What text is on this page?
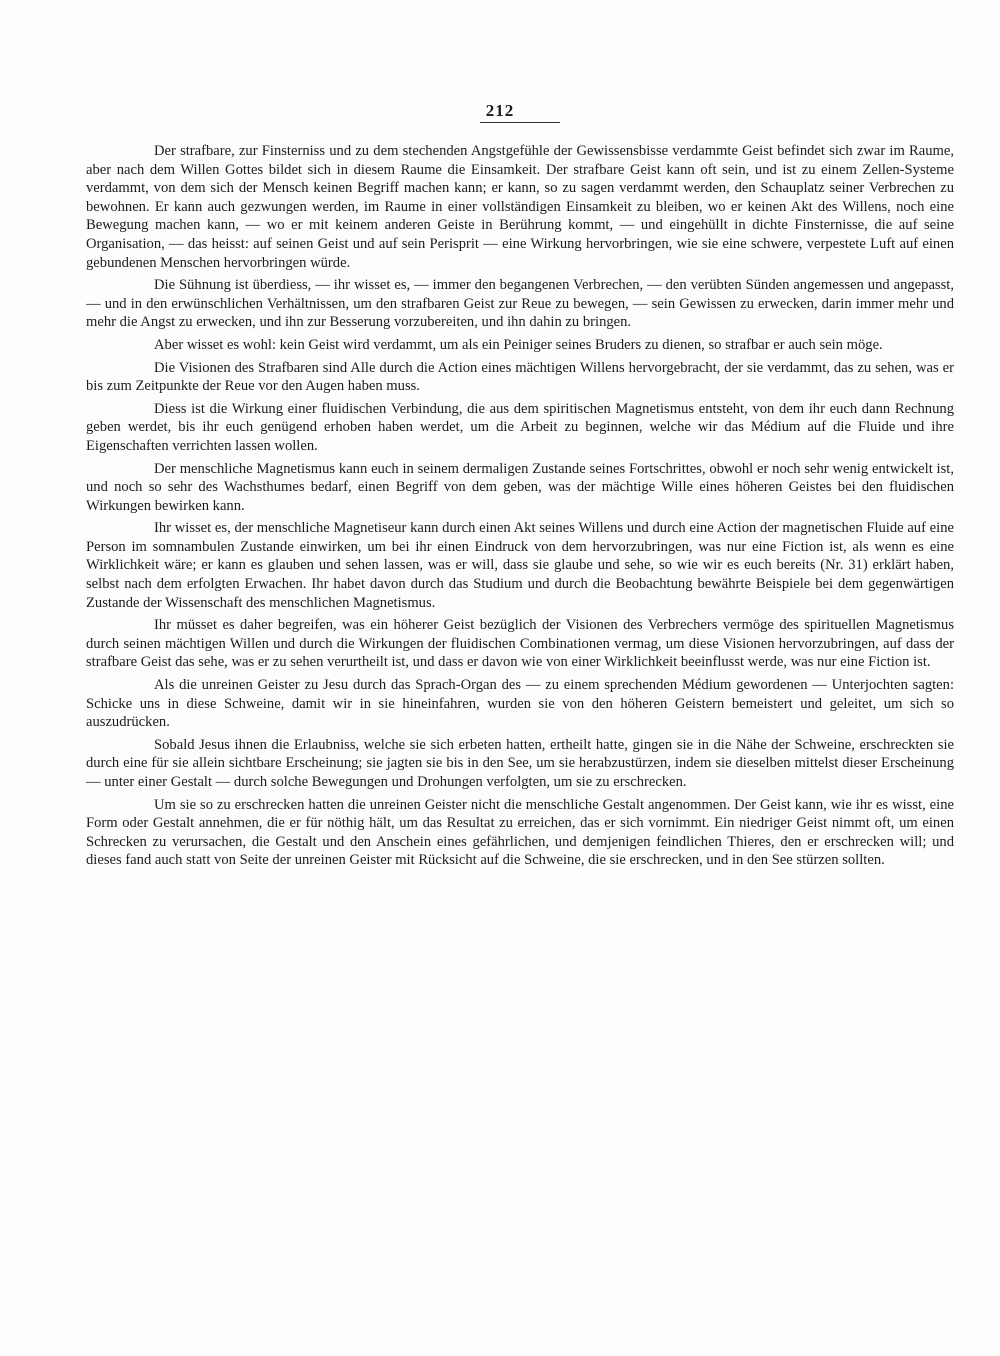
212

Der strafbare, zur Finsterniss und zu dem stechenden Angstgefühle der Gewissensbisse verdammte Geist befindet sich zwar im Raume, aber nach dem Willen Gottes bildet sich in diesem Raume die Einsamkeit. Der strafbare Geist kann oft sein, und ist zu einem Zellen-Systeme verdammt, von dem sich der Mensch keinen Begriff machen kann; er kann, so zu sagen verdammt werden, den Schauplatz seiner Verbrechen zu bewohnen. Er kann auch gezwungen werden, im Raume in einer vollständigen Einsamkeit zu bleiben, wo er keinen Akt des Willens, noch eine Bewegung machen kann, — wo er mit keinem anderen Geiste in Berührung kommt, — und eingehüllt in dichte Finsternisse, die auf seine Organisation, — das heisst: auf seinen Geist und auf sein Perisprit — eine Wirkung hervorbringen, wie sie eine schwere, verpestete Luft auf einen gebundenen Menschen hervorbringen würde.

Die Sühnung ist überdiess, — ihr wisset es, — immer den begangenen Verbrechen, — den verübten Sünden angemessen und angepasst, — und in den erwünschlichen Verhältnissen, um den strafbaren Geist zur Reue zu bewegen, — sein Gewissen zu erwecken, darin immer mehr und mehr die Angst zu erwecken, und ihn zur Besserung vorzubereiten, und ihn dahin zu bringen.

Aber wisset es wohl: kein Geist wird verdammt, um als ein Peiniger seines Bruders zu dienen, so strafbar er auch sein möge.

Die Visionen des Strafbaren sind Alle durch die Action eines mächtigen Willens hervorgebracht, der sie verdammt, das zu sehen, was er bis zum Zeitpunkte der Reue vor den Augen haben muss.

Diess ist die Wirkung einer fluidischen Verbindung, die aus dem spiritischen Magnetismus entsteht, von dem ihr euch dann Rechnung geben werdet, bis ihr euch genügend erhoben haben werdet, um die Arbeit zu beginnen, welche wir das Médium auf die Fluide und ihre Eigenschaften verrichten lassen wollen.

Der menschliche Magnetismus kann euch in seinem dermaligen Zustande seines Fortschrittes, obwohl er noch sehr wenig entwickelt ist, und noch so sehr des Wachsthumes bedarf, einen Begriff von dem geben, was der mächtige Wille eines höheren Geistes bei den fluidischen Wirkungen bewirken kann.

Ihr wisset es, der menschliche Magnetiseur kann durch einen Akt seines Willens und durch eine Action der magnetischen Fluide auf eine Person im somnambulen Zustande einwirken, um bei ihr einen Eindruck von dem hervorzubringen, was nur eine Fiction ist, als wenn es eine Wirklichkeit wäre; er kann es glauben und sehen lassen, was er will, dass sie glaube und sehe, so wie wir es euch bereits (Nr. 31) erklärt haben, selbst nach dem erfolgten Erwachen. Ihr habet davon durch das Studium und durch die Beobachtung bewährte Beispiele bei dem gegenwärtigen Zustande der Wissenschaft des menschlichen Magnetismus.

Ihr müsset es daher begreifen, was ein höherer Geist bezüglich der Visionen des Verbrechers vermöge des spirituellen Magnetismus durch seinen mächtigen Willen und durch die Wirkungen der fluidischen Combinationen vermag, um diese Visionen hervorzubringen, auf dass der strafbare Geist das sehe, was er zu sehen verurtheilt ist, und dass er davon wie von einer Wirklichkeit beeinflusst werde, was nur eine Fiction ist.

Als die unreinen Geister zu Jesu durch das Sprach-Organ des — zu einem sprechenden Médium gewordenen — Unterjochten sagten: Schicke uns in diese Schweine, damit wir in sie hineinfahren, wurden sie von den höheren Geistern bemeistert und geleitet, um sich so auszudrücken.

Sobald Jesus ihnen die Erlaubniss, welche sie sich erbeten hatten, ertheilt hatte, gingen sie in die Nähe der Schweine, erschreckten sie durch eine für sie allein sichtbare Erscheinung; sie jagten sie bis in den See, um sie herabzustürzen, indem sie dieselben mittelst dieser Erscheinung — unter einer Gestalt — durch solche Bewegungen und Drohungen verfolgten, um sie zu erschrecken.

Um sie so zu erschrecken hatten die unreinen Geister nicht die menschliche Gestalt angenommen. Der Geist kann, wie ihr es wisst, eine Form oder Gestalt annehmen, die er für nöthig hält, um das Resultat zu erreichen, das er sich vornimmt. Ein niedriger Geist nimmt oft, um einen Schrecken zu verursachen, die Gestalt und den Anschein eines gefährlichen, und demjenigen feindlichen Thieres, den er erschrecken will; und dieses fand auch statt von Seite der unreinen Geister mit Rücksicht auf die Schweine, die sie erschrecken, und in den See stürzen sollten.
